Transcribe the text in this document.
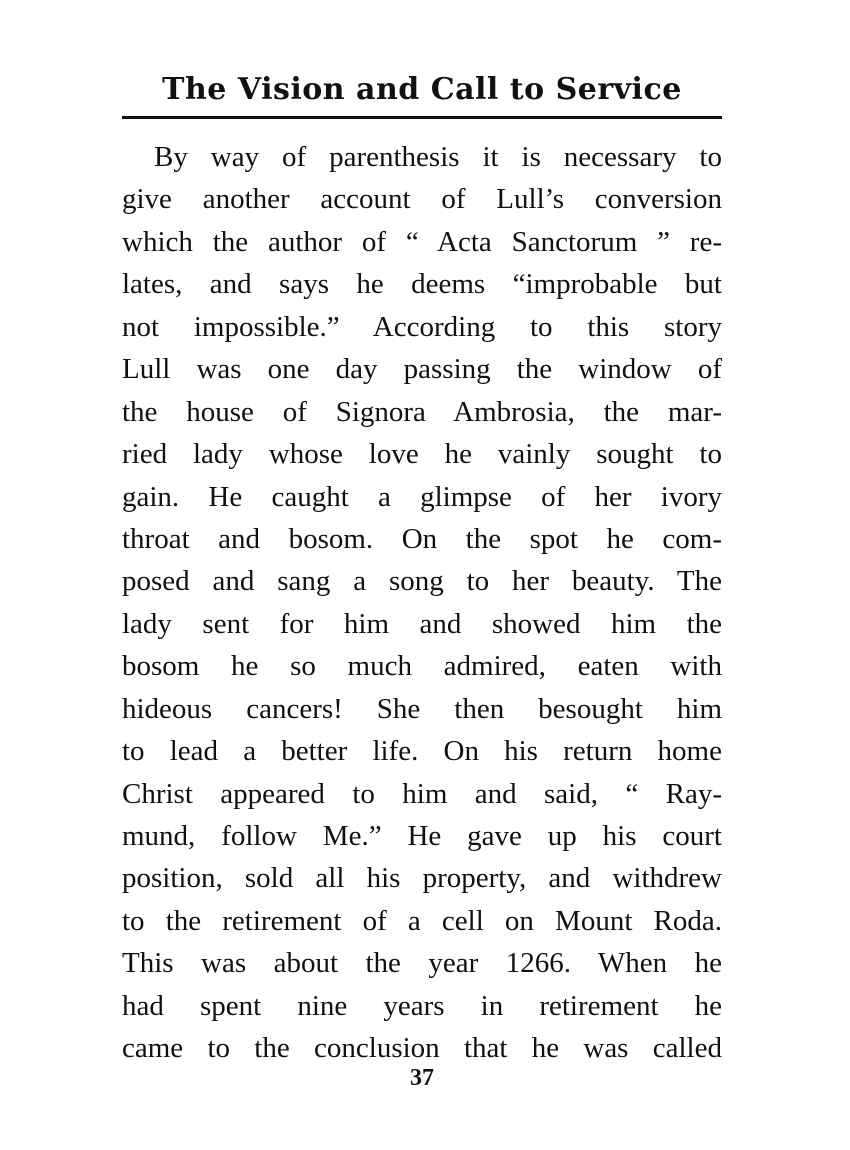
The Vision and Call to Service
By way of parenthesis it is necessary to
give another account of Lull’s conversion
which the author of “ Acta Sanctorum ” re-
lates, and says he deems “improbable but
not impossible.” According to this story
Lull was one day passing the window of
the house of Signora Ambrosia, the mar-
ried lady whose love he vainly sought to
gain. He caught a glimpse of her ivory
throat and bosom. On the spot he com-
posed and sang a song to her beauty. The
lady sent for him and showed him the
bosom he so much admired, eaten with
hideous cancers! She then besought him
to lead a better life. On his return home
Christ appeared to him and said, “ Ray-
mund, follow Me.” He gave up his court
position, sold all his property, and withdrew
to the retirement of a cell on Mount Roda.
This was about the year 1266. When he
had spent nine years in retirement he
came to the conclusion that he was called
37
